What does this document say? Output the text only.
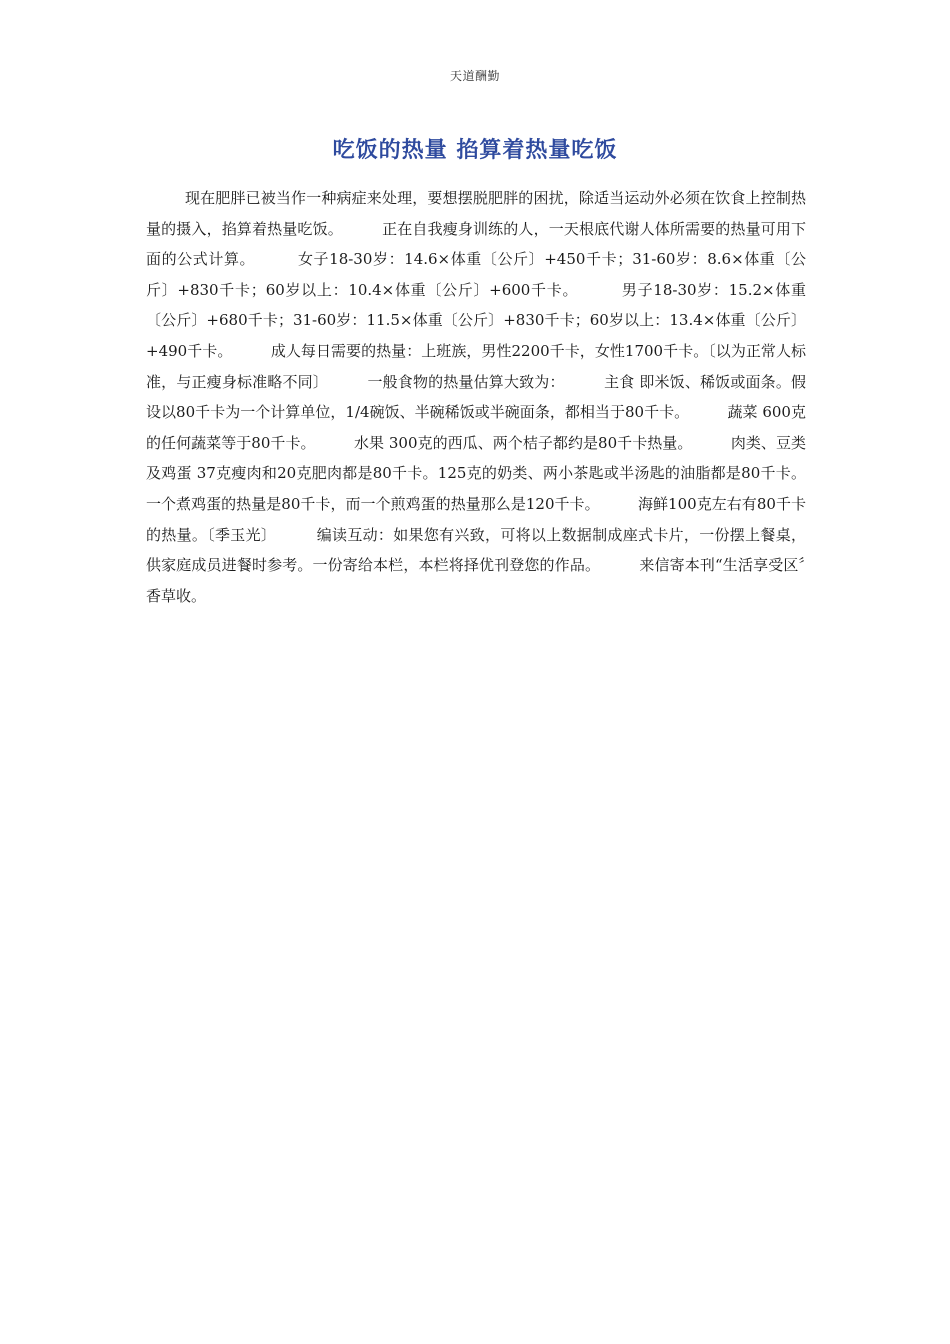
天道酬勤
吃饭的热量 掐算着热量吃饭
现在肥胖已被当作一种病症来处理，要想摆脱肥胖的困扰，除适当运动外必须在饮食上控制热量的摄入，掐算着热量吃饭。        正在自我瘦身训练的人，一天根底代谢人体所需要的热量可用下面的公式计算。        女子18-30岁：14.6×体重〔公斤〕+450千卡；31-60岁：8.6×体重〔公斤〕+830千卡；60岁以上：10.4×体重〔公斤〕+600千卡。        男子18-30岁：15.2×体重〔公斤〕+680千卡；31-60岁：11.5×体重〔公斤〕+830千卡；60岁以上：13.4×体重〔公斤〕+490千卡。        成人每日需要的热量：上班族，男性2200千卡，女性1700千卡。〔以为正常人标准，与正瘦身标准略不同〕        一般食物的热量估算大致为：        主食 即米饭、稀饭或面条。假设以80千卡为一个计算单位，1/4碗饭、半碗稀饭或半碗面条，都相当于80千卡。        蔬菜 600克的任何蔬菜等于80千卡。        水果 300克的西瓜、两个桔子都约是80千卡热量。        肉类、豆类及鸡蛋 37克瘦肉和20克肥肉都是80千卡。125克的奶类、两小茶匙或半汤匙的油脂都是80千卡。一个煮鸡蛋的热量是80千卡，而一个煎鸡蛋的热量那么是120千卡。        海鲜100克左右有80千卡的热量。〔季玉光〕        编读互动：如果您有兴致，可将以上数据制成座式卡片，一份摆上餐桌，供家庭成员进餐时参考。一份寄给本栏，本栏将择优刊登您的作品。        来信寄本刊“生活享受区〞香草收。
